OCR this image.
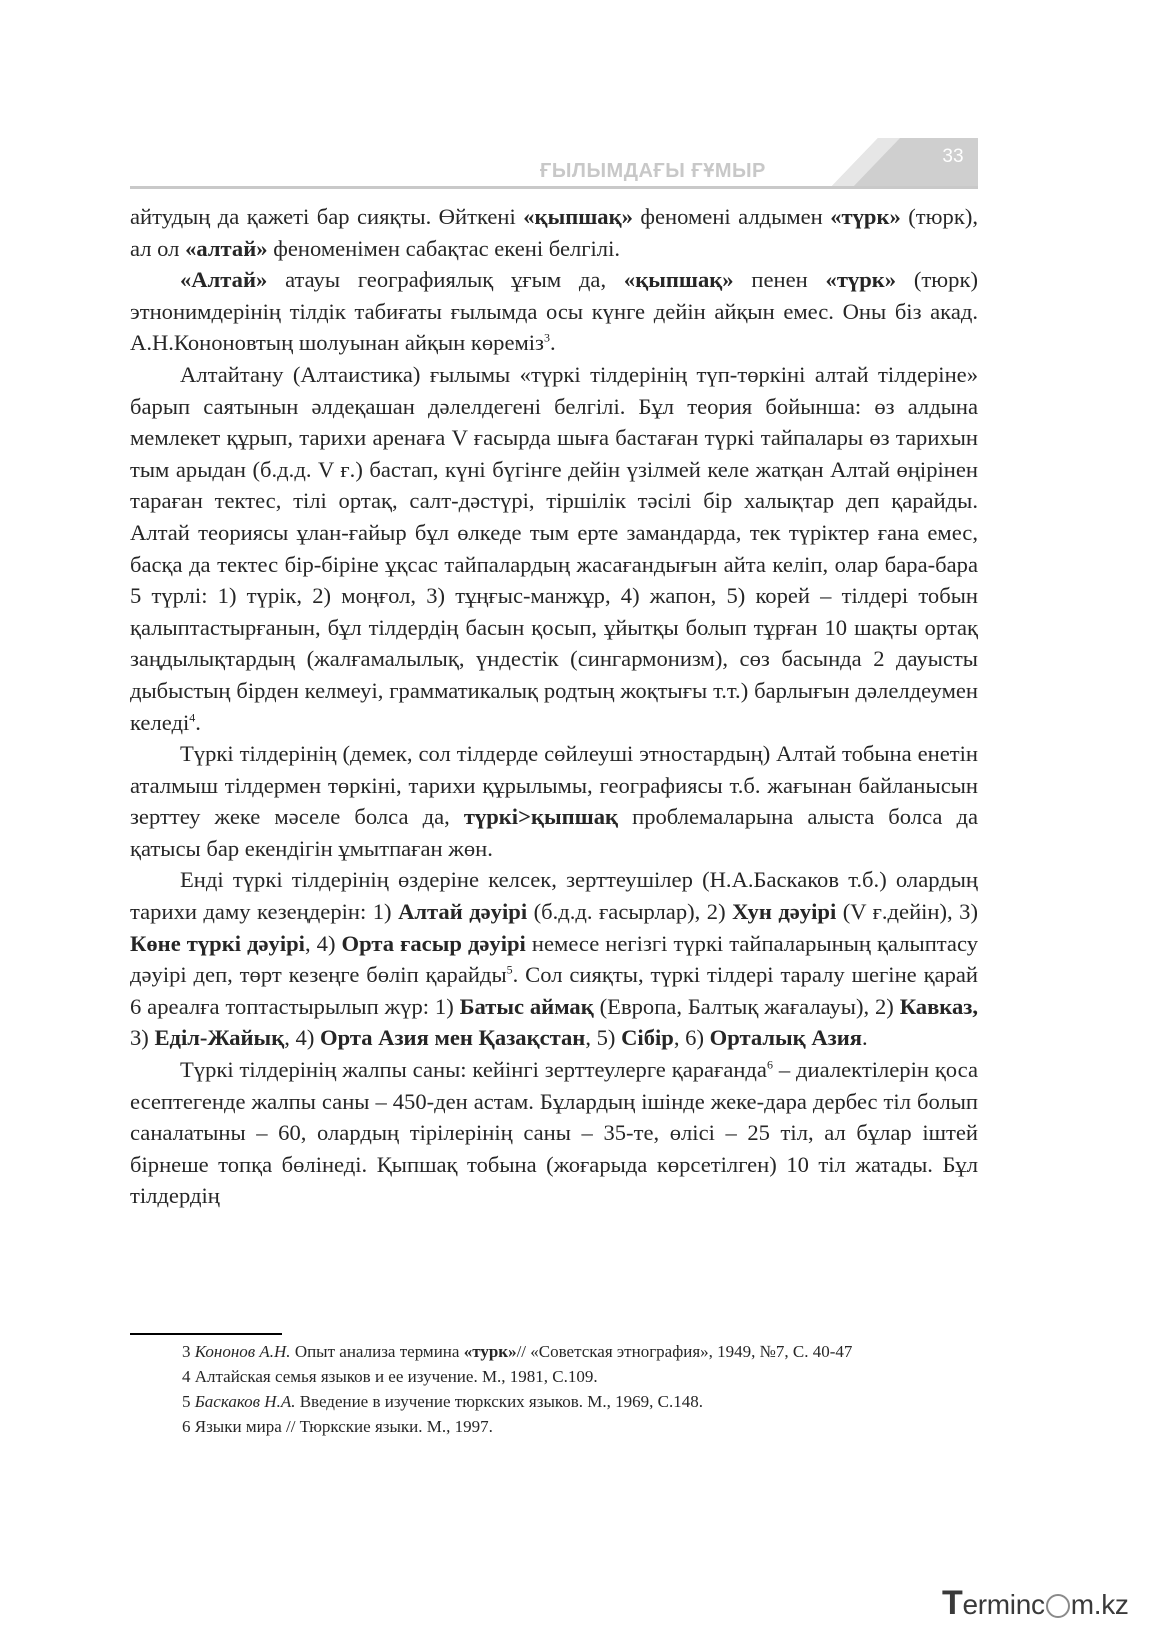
ҒЫЛЫМДАҒЫ ҒҰМЫР
33

айтудың да қажеті бар сияқты. Өйткені «қыпшақ» феноменi алдымен «түрк» (тюрк), ал ол «алтай» феноменiмен сабақтас екенi белгiлi.

«Алтай» атауы географиялық ұғым да, «қыпшақ» пенен «түрк» (тюрк) этнонимдерiнiң тiлдiк табиғаты ғылымда осы күнге дейiн айқын емес. Оны бiз акад. А.Н.Кононовтың шолуынан айқын көремiз$^3$.

Алтайтану (Алтаистика) ғылымы «түркi тiлдерiнiң түп-төркiнi алтай тiлдерiне» барып саятынын әлдеқашан дәлелдегенi белгiлi. Бұл теория бойынша: өз алдына мемлекет құрып, тарихи аренаға V ғасырда шыға бастаған түркi тайпалары өз тарихын тым арыдан (б.д.д. V ғ.) бастап, күнi бүгiнге дейiн үзiлмей келе жатқан Алтай өңiрiнен тараған тектес, тiлi ортақ, салт-дәстүрi, тiршiлiк тәсiлi бiр халықтар деп қарайды. Алтай теориясы ұлан-ғайыр бұл өлкеде тым ерте замандарда, тек түрiктер ғана емес, басқа да тектес бiр-бiрiне ұқсас тайпалардың жасағандығын айта келiп, олар бара-бара 5 түрлi: 1) түрiк, 2) моңғол, 3) тұңғыс-манжұр, 4) жапон, 5) корей – тiлдерi тобын қалыптастырғанын, бұл тiлдердiң басын қосып, ұйытқы болып тұрған 10 шақты ортақ заңдылықтардың (жалғамалылық, үндестiк (сингармонизм), сөз басында 2 дауысты дыбыстың бiрден келмеуi, грамматикалық родтың жоқтығы т.т.) барлығын дәлелдеумен келедi$^4$.

Түркi тiлдерiнiң (демек, сол тiлдерде сөйлеушi этностардың) Алтай тобына енетiн аталмыш тiлдермен төркiнi, тарихи құрылымы, географиясы т.б. жағынан байланысын зерттеу жеке мәселе болса да, түркi>қыпшақ проблемаларына алыста болса да қатысы бар екендiгiн ұмытпаған жөн.

Ендi түркi тiлдерiнiң өздерiне келсек, зерттеушiлер (Н.А.Баскаков т.б.) олардың тарихи даму кезеңдерiн: 1) Алтай дәуiрi (б.д.д. ғасырлар), 2) Хун дәуiрi (V ғ.дейiн), 3) Көне түркi дәуiрi, 4) Орта ғасыр дәуiрi немесе негiзгi түркi тайпаларының қалыптасу дәуiрi деп, төрт кезеңге бөлiп қарайды$^5$. Сол сияқты, түркi тiлдерi таралу шегiне қарай 6 ареалға топтастырылып жүр: 1) Батыс аймақ (Европа, Балтық жағалауы), 2) Кавказ, 3) Едiл-Жайық, 4) Орта Азия мен Қазақстан, 5) Сiбiр, 6) Орталық Азия.

Түркi тiлдерiнiң жалпы саны: кейiнгi зерттеулерге қарағанда$^6$ – диалектiлерiн қоса есептегенде жалпы саны – 450-ден астам. Бұлардың iшiнде жеке-дара дербес тiл болып саналатыны – 60, олардың тiрiлерiнiң саны – 35-те, өлiсi – 25 тiл, ал бұлар iштей бiрнеше топқа бөлiнедi. Қыпшақ тобына (жоғарыда көрсетiлген) 10 тiл жатады. Бұл тiлдердiң

3 Кононов А.Н. Опыт анализа термина «турк»// «Советская этнография», 1949, №7, С. 40-47

4 Алтайская семья языков и ее изучение. М., 1981, С.109.

5 Баскаков Н.А. Введение в изучение тюркских языков. М., 1969, С.148.

6 Языки мира // Тюркские языки. М., 1997.

Terminc m.kz
